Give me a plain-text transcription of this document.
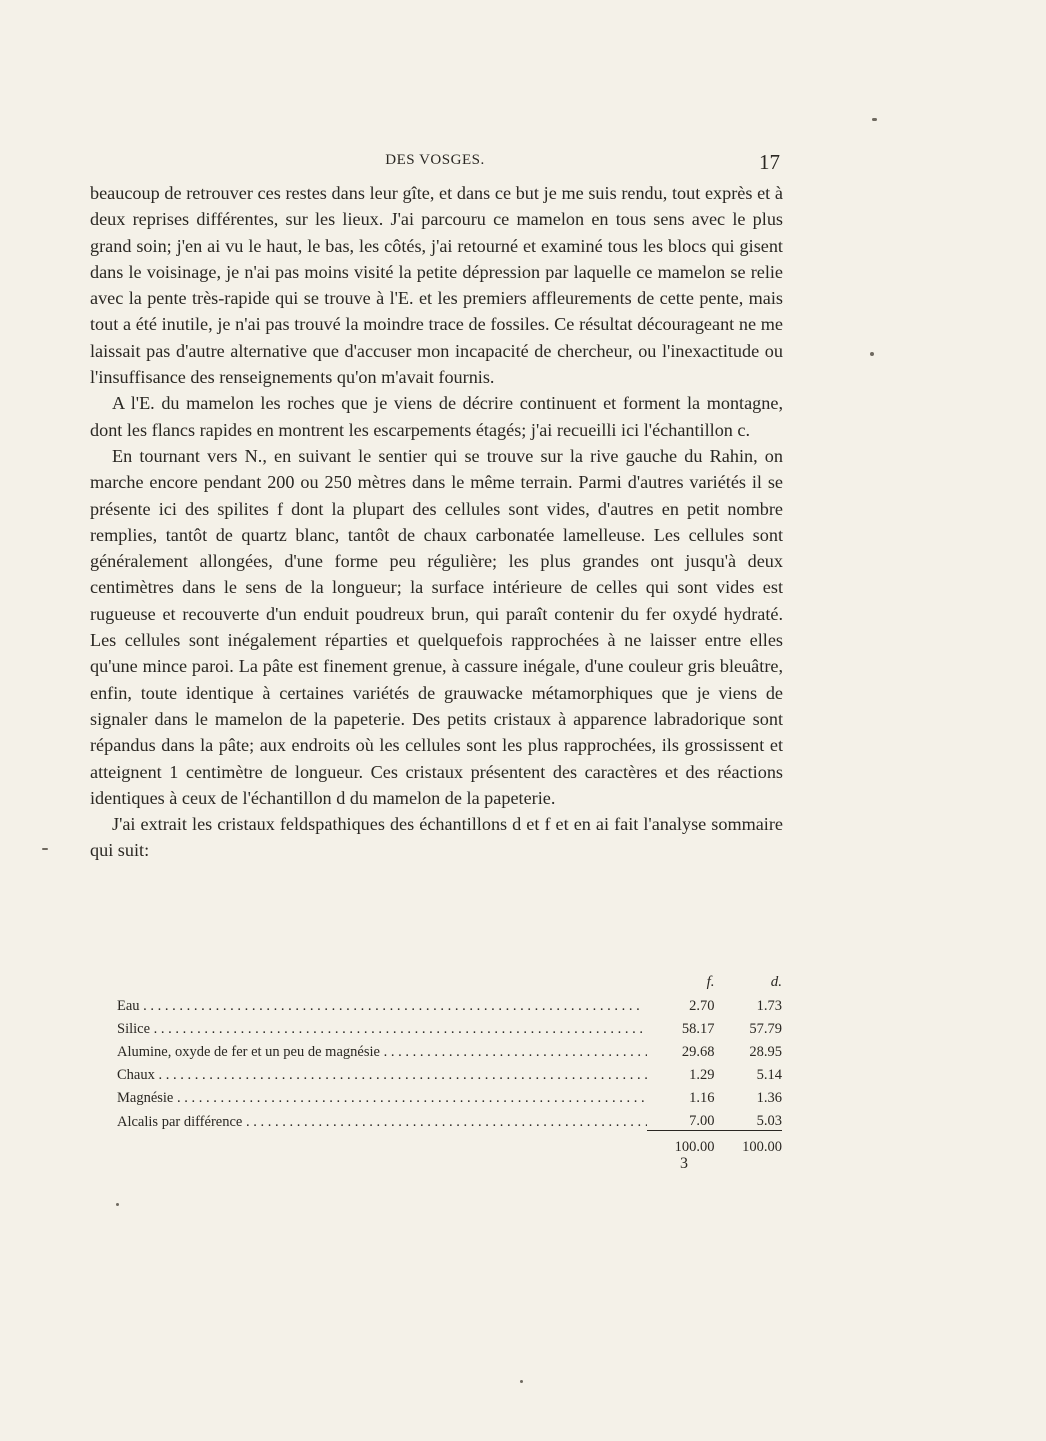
DES VOSGES.	17

beaucoup de retrouver ces restes dans leur gîte, et dans ce but je me suis rendu, tout exprès et à deux reprises différentes, sur les lieux. J'ai parcouru ce mamelon en tous sens avec le plus grand soin; j'en ai vu le haut, le bas, les côtés, j'ai retourné et examiné tous les blocs qui gisent dans le voisinage, je n'ai pas moins visité la petite dépression par laquelle ce mamelon se relie avec la pente très-rapide qui se trouve à l'E. et les premiers affleurements de cette pente, mais tout a été inutile, je n'ai pas trouvé la moindre trace de fossiles. Ce résultat décourageant ne me laissait pas d'autre alternative que d'accuser mon incapacité de chercheur, ou l'inexactitude ou l'insuffisance des renseignements qu'on m'avait fournis.

A l'E. du mamelon les roches que je viens de décrire continuent et forment la montagne, dont les flancs rapides en montrent les escarpements étagés; j'ai recueilli ici l'échantillon c.

En tournant vers N., en suivant le sentier qui se trouve sur la rive gauche du Rahin, on marche encore pendant 200 ou 250 mètres dans le même terrain. Parmi d'autres variétés il se présente ici des spilites f dont la plupart des cellules sont vides, d'autres en petit nombre remplies, tantôt de quartz blanc, tantôt de chaux carbonatée lamelleuse. Les cellules sont généralement allongées, d'une forme peu régulière; les plus grandes ont jusqu'à deux centimètres dans le sens de la longueur; la surface intérieure de celles qui sont vides est rugueuse et recouverte d'un enduit poudreux brun, qui paraît contenir du fer oxydé hydraté. Les cellules sont inégalement réparties et quelquefois rapprochées à ne laisser entre elles qu'une mince paroi. La pâte est finement grenue, à cassure inégale, d'une couleur gris bleuâtre, enfin, toute identique à certaines variétés de grauwacke métamorphiques que je viens de signaler dans le mamelon de la papeterie. Des petits cristaux à apparence labradorique sont répandus dans la pâte; aux endroits où les cellules sont les plus rapprochées, ils grossissent et atteignent 1 centimètre de longueur. Ces cristaux présentent des caractères et des réactions identiques à ceux de l'échantillon d du mamelon de la papeterie.

J'ai extrait les cristaux feldspathiques des échantillons d et f et en ai fait l'analyse sommaire qui suit:

	f.	d.
Eau . . .	2.70	1.73
Silice . . .	58.17	57.79
Alumine, oxyde de fer et un peu de magnésie . . .	29.68	28.95
Chaux . . .	1.29	5.14
Magnésie . . .	1.16	1.36
Alcalis par différence . . .	7.00	5.03
	100.00	100.00
3
